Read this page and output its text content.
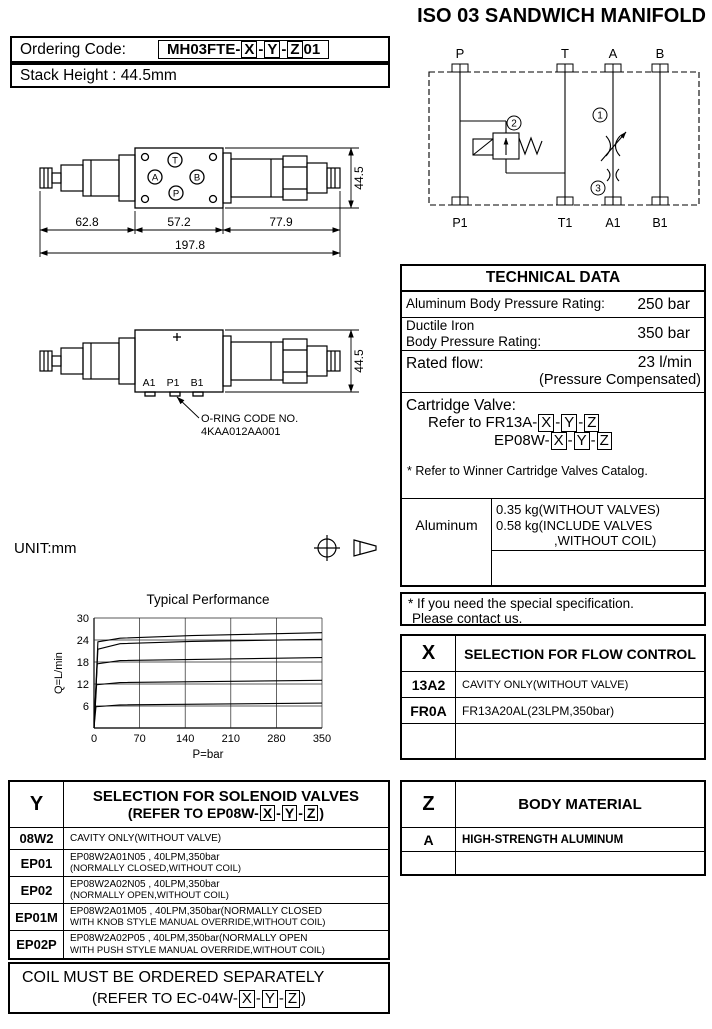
ISO 03 SANDWICH MANIFOLD
Ordering Code:	MH03FTE- X - Y - Z 01
Stack Height : 44.5mm
P	T	A	B
1
2
3
P1	T1	A1	B1
T
A	B
P
62.8	57.2	77.9
197.8
44.5
A1 P1 B1
O-RING CODE NO.
4KAA012AA001
44.5
UNIT:mm
TECHNICAL DATA
Aluminum Body Pressure Rating: 250 bar
Ductile Iron
Body Pressure Rating:	350 bar
Rated flow:	23 l/min
(Pressure Compensated)
Cartridge Valve:
Refer to FR13A- X - Y - Z
EP08W- X - Y - Z
* Refer to Winner Cartridge Valves Catalog.
Aluminum
0.35 kg(WITHOUT VALVES)
0.58 kg(INCLUDE VALVES
,WITHOUT COIL)
* If you need the special specification.
Please contact us.
0	70	140 210 280 350
6
12
18
24
30
Typical Performance
P=bar
Q=L/min	X	SELECTION FOR FLOW CONTROL
13A2	CAVITY ONLY(WITHOUT VALVE)
FR0A	FR13A20AL(23LPM,350bar)
Y	SELECTION FOR SOLENOID VALVES
(REFER TO EP08W- X - Y - Z )
08W2	CAVITY ONLY(WITHOUT VALVE)
EP01	EP08W2A01N05 , 40LPM,350bar
(NORMALLY CLOSED,WITHOUT COIL)
EP02	EP08W2A02N05 , 40LPM,350bar
(NORMALLY OPEN,WITHOUT COIL)
EP01M	EP08W2A01M05 , 40LPM,350bar(NORMALLY CLOSED
WITH KNOB STYLE MANUAL OVERRIDE,WITHOUT COIL)
EP02P	EP08W2A02P05 , 40LPM,350bar(NORMALLY OPEN
WITH PUSH STYLE MANUAL OVERRIDE,WITHOUT COIL)
Z	BODY MATERIAL
A	HIGH-STRENGTH ALUMINUM
COIL MUST BE ORDERED SEPARATELY
(REFER TO EC-04W- X - Y - Z )
